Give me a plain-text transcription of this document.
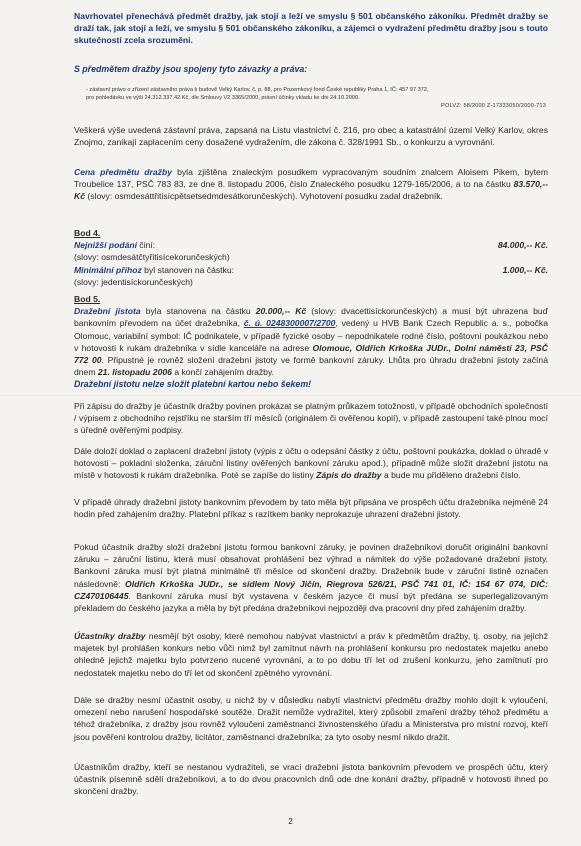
Navrhovatel přenechává předmět dražby, jak stojí a leží ve smyslu § 501 občanského zákoníku. Předmět dražby se draží tak, jak stojí a leží, ve smyslu § 501 občanského zákoníku, a zájemci o vydražení předmětu dražby jsou s touto skutečností zcela srozuměni.
S předmětem dražby jsou spojeny tyto závazky a práva:
- zástavní právo o zřízení zástavního práva k budově Velký Karlov, č. p. 88, pro Pozemkový fond České republiky Praha 1, IČ: 457 97 372,
pro pohledávku ve výši 24.312.337,42 Kč, dle Smlouvy V2 3365/2000, právní účinky vkladu ke dni 24.10.2000.
POLVZ: 58/2000 Z-17333050/2000-713
Veškerá výše uvedená zástavní práva, zapsaná na Listu vlastnictví č. 216, pro obec a katastrální území Velký Karlov, okres Znojmo, zanikají zaplacením ceny dosažené vydražením, dle zákona č. 328/1991 Sb., o konkurzu a vyrovnání.
Cena předmětu dražby byla zjištěna znaleckým posudkem vypracovaným soudním znalcem Aloisem Pikem, bytem Troubelice 137, PSČ 783 83, ze dne 8. listopadu 2006, číslo Znaleckého posudku 1279-165/2006, a to na částku 83.570,-- Kč (slovy: osmdesáttřitisícpětsetsedmdesátkorunčeských). Vyhotovení posudku zadal dražebník.
Bod 4.
Nejnižší podání činí:	84.000,-- Kč.
(slovy: osmdesátčtyřitisícekorunčeských)
Minimální příhoz byl stanoven na částku:	1.000,-- Kč.
(slovy: jedentisíckorunčeských)
Bod 5.
Dražební jistota byla stanovena na částku 20.000,-- Kč (slovy: dvacettisíckorunčeských) a musí být uhrazena buď bankovním převodem na účet dražebníka, č. ú. 0248300007/2700, vedený u HVB Bank Czech Republic a. s., pobočka Olomouc, variabilní symbol: IČ podnikatele, v případě fyzické osoby – nepodnikatele rodné číslo, poštovní poukázkou nebo v hotovosti k rukám dražebníka v sídle kanceláře na adrese Olomouc, Oldřich Krkoška JUDr., Dolní náměstí 23, PSČ 772 00. Připustné je rovněž složení dražební jistoty ve formě bankovní záruky. Lhůta pro úhradu dražební jistoty začíná dnem 21. listopadu 2006 a končí zahájením dražby.
Dražební jistotu nelze složit platební kartou nebo šekem!
Při zápisu do dražby je účastník dražby povinen prokázat se platným průkazem totožnosti, v případě obchodních společností / výpisem z obchodního rejstříku ne starším tří měsíců (originálem či ověřenou kopií), v případě zastoupení také plnou mocí s úředně ověřenými podpisy.
Dále doloží doklad o zaplacení dražební jistoty (výpis z účtu o odepsání částky z účtu, poštovní poukázka, doklad o úhradě v hotovosti – pokladní složenka, záruční listiny ověřených bankovní záruku apod.), případně může složit dražební jistotu na místě v hotovosti k rukám dražebníka. Poté se zapíše do listiny Zápis do dražby a bude mu přiděleno dražební číslo.
V případě úhrady dražební jistoty bankovním převodem by tato měla být připsána ve prospěch účtu dražebníka nejméně 24 hodin před zahájením dražby. Platební příkaz s razítkem banky neprokazuje uhrazení dražební jistoty.
Pokud účastník dražby složí dražební jistotu formou bankovní záruky, je povinen dražebníkovi doručit originální bankovní záruku – záruční listinu, která musí obsahovat prohlášení bez výhrad a námitek do výše požadované dražební jistoty. Bankovní záruka musí být platná minimálně tři měsíce od skončení dražby. Dražebník bude v záruční listině označen následovně: Oldřich Krkoška JUDr., se sídlem Nový Jičín, Riegrova 526/21, PSČ 741 01, IČ: 154 67 074, DIČ: CZ470106445. Bankovní záruka musí být vystavena v českém jazyce či musí být předána se superlegalizovaným překladem do českého jazyka a měla by být předána dražebníkovi nejpozději dva pracovní dny před zahájením dražby.
Účastníky dražby nesmějí být osoby, které nemohou nabývat vlastnictví a práv k předmětům dražby, tj. osoby, na jejichž majetek byl prohlášen konkurs nebo vůči nimž byl zamítnut návrh na prohlášení konkursu pro nedostatek majetku anebo ohledně jejichž majetku bylo potvrzeno nucené vyrovnání, a to po dobu tří let od zrušení konkurzu, jeho zamítnutí pro nedostatek majetku nebo do tří let od skončení zpětného vyrovnání.
Dále se dražby nesmí účastnit osoby, u nichž by v důsledku nabytí vlastnictví předmětu dražby mohlo dojít k vyloučení, omezení nebo narušení hospodářské soutěže. Dražit nemůže vydražitel, který způsobil zmaření dražby téhož předmětu a téhož dražebníka, z dražby jsou rovněž vyloučeni zaměstnanci živnostenského úřadu a Ministerstva pro místní rozvoj, kteří jsou pověřeni kontrolou dražby, licitátor, zaměstnanci dražebníka; za tyto osoby nesmí nikdo dražit.
Účastníkům dražby, kteří se nestanou vydražiteli, se vrací dražební jistota bankovním převodem ve prospěch účtu, který účastník písemně sdělí dražebníkovi, a to do dvou pracovních dnů ode dne konání dražby, případně v hotovosti ihned po skončení dražby.
2
